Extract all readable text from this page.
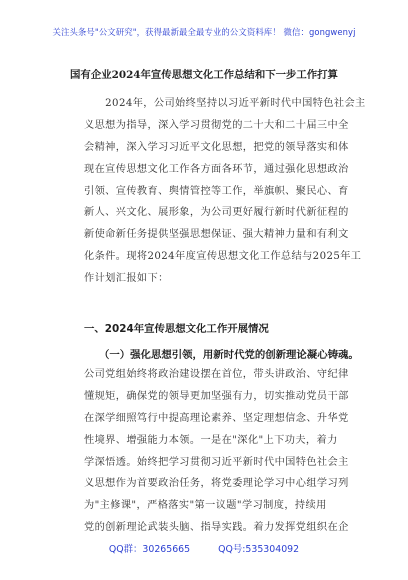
关注头条号"公文研究"，获得最新最全最专业的公文资料库！ 微信：gongwenyj
国有企业2024年宣传思想文化工作总结和下一步工作打算
　　2024年，公司始终坚持以习近平新时代中国特色社会主
义思想为指导，深入学习贯彻党的二十大和二十届三中全
会精神，深入学习习近平文化思想，把党的领导落实和体
现在宣传思想文化工作各方面各环节，通过强化思想政治
引领、宣传教育、舆情管控等工作，举旗帜、聚民心、育
新人、兴文化、展形象，为公司更好履行新时代新征程的
新使命新任务提供坚强思想保证、强大精神力量和有利文
化条件。现将2024年度宣传思想文化工作总结与2025年工
作计划汇报如下：
一、2024年宣传思想文化工作开展情况
（一）强化思想引领，用新时代党的创新理论凝心铸魂。
公司党组始终将政治建设摆在首位，带头讲政治、守纪律
懂规矩，确保党的领导更加坚强有力，切实推动党员干部
在深学细照笃行中提高理论素养、坚定理想信念、升华党
性境界、增强能力本领。一是在"深化"上下功夫，着力
学深悟透。始终把学习贯彻习近平新时代中国特色社会主
义思想作为首要政治任务，将党委理论学习中心组学习列
为"主修课"，严格落实"第一议题"学习制度，持续用
党的创新理论武装头脑、指导实践。着力发挥党组织在企
QQ群：30265665	QQ号:535304092
